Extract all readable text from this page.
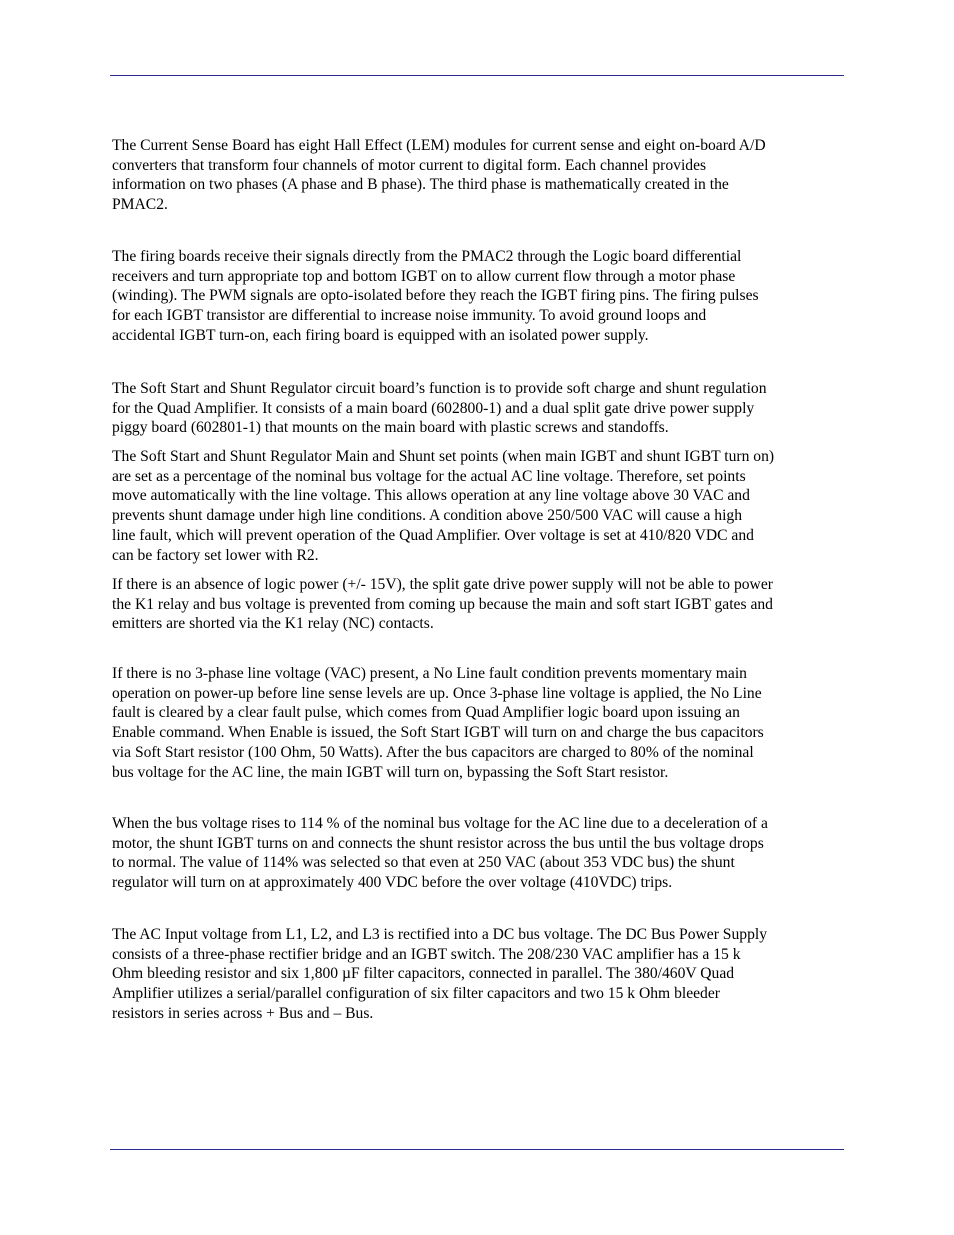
The Current Sense Board has eight Hall Effect (LEM) modules for current sense and eight on-board A/D
converters that transform four channels of motor current to digital form. Each channel provides
information on two phases (A phase and B phase). The third phase is mathematically created in the
PMAC2.

The firing boards receive their signals directly from the PMAC2 through the Logic board differential
receivers and turn appropriate top and bottom IGBT on to allow current flow through a motor phase
(winding). The PWM signals are opto-isolated before they reach the IGBT firing pins. The firing pulses
for each IGBT transistor are differential to increase noise immunity. To avoid ground loops and
accidental IGBT turn-on, each firing board is equipped with an isolated power supply.

The Soft Start and Shunt Regulator circuit board’s function is to provide soft charge and shunt regulation
for the Quad Amplifier. It consists of a main board (602800-1) and a dual split gate drive power supply
piggy board (602801-1) that mounts on the main board with plastic screws and standoffs.

The Soft Start and Shunt Regulator Main and Shunt set points (when main IGBT and shunt IGBT turn on)
are set as a percentage of the nominal bus voltage for the actual AC line voltage. Therefore, set points
move automatically with the line voltage. This allows operation at any line voltage above 30 VAC and
prevents shunt damage under high line conditions. A condition above 250/500 VAC will cause a high
line fault, which will prevent operation of the Quad Amplifier. Over voltage is set at 410/820 VDC and
can be factory set lower with R2.

If there is an absence of logic power (+/- 15V), the split gate drive power supply will not be able to power
the K1 relay and bus voltage is prevented from coming up because the main and soft start IGBT gates and
emitters are shorted via the K1 relay (NC) contacts.

If there is no 3-phase line voltage (VAC) present, a No Line fault condition prevents momentary main
operation on power-up before line sense levels are up. Once 3-phase line voltage is applied, the No Line
fault is cleared by a clear fault pulse, which comes from Quad Amplifier logic board upon issuing an
Enable command. When Enable is issued, the Soft Start IGBT will turn on and charge the bus capacitors
via Soft Start resistor (100 Ohm, 50 Watts). After the bus capacitors are charged to 80% of the nominal
bus voltage for the AC line, the main IGBT will turn on, bypassing the Soft Start resistor.

When the bus voltage rises to 114 % of the nominal bus voltage for the AC line due to a deceleration of a
motor, the shunt IGBT turns on and connects the shunt resistor across the bus until the bus voltage drops
to normal. The value of 114% was selected so that even at 250 VAC (about 353 VDC bus) the shunt
regulator will turn on at approximately 400 VDC before the over voltage (410VDC) trips.

The AC Input voltage from L1, L2, and L3 is rectified into a DC bus voltage. The DC Bus Power Supply
consists of a three-phase rectifier bridge and an IGBT switch. The 208/230 VAC amplifier has a 15 k
Ohm bleeding resistor and six 1,800 µF filter capacitors, connected in parallel. The 380/460V Quad
Amplifier utilizes a serial/parallel configuration of six filter capacitors and two 15 k Ohm bleeder
resistors in series across + Bus and – Bus.
